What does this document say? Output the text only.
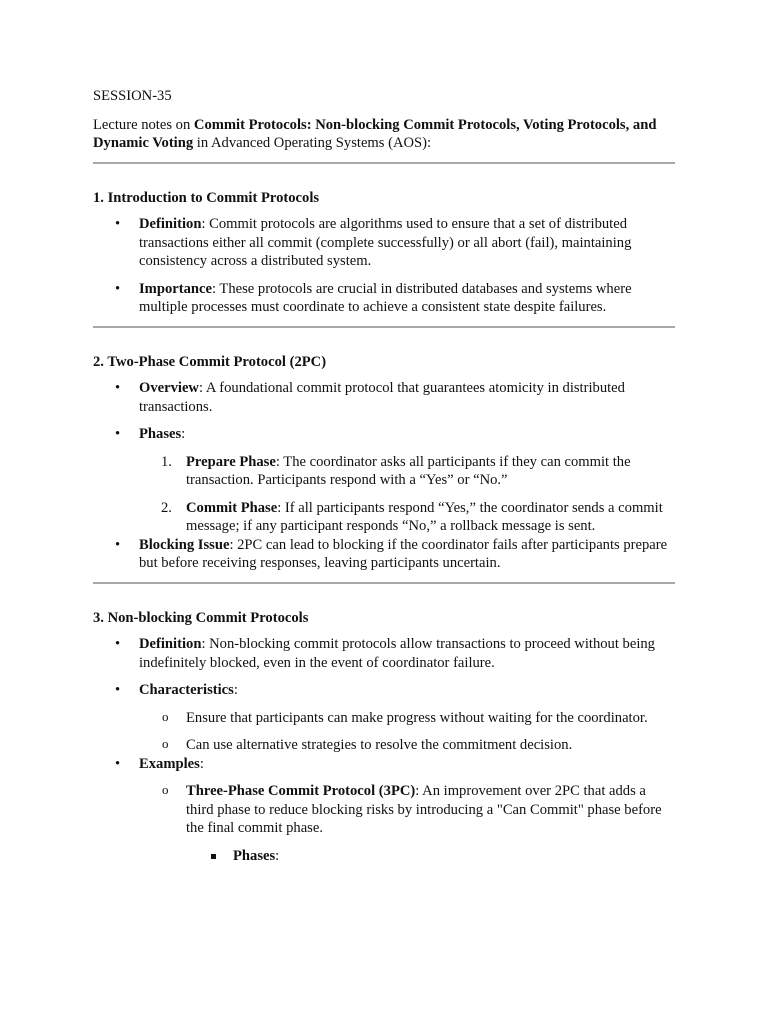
SESSION-35

Lecture notes on Commit Protocols: Non-blocking Commit Protocols, Voting Protocols, and Dynamic Voting in Advanced Operating Systems (AOS):

1. Introduction to Commit Protocols
• Definition: Commit protocols are algorithms used to ensure that a set of distributed transactions either all commit (complete successfully) or all abort (fail), maintaining consistency across a distributed system.
• Importance: These protocols are crucial in distributed databases and systems where multiple processes must coordinate to achieve a consistent state despite failures.
2. Two-Phase Commit Protocol (2PC)
• Overview: A foundational commit protocol that guarantees atomicity in distributed transactions.
• Phases:
1. Prepare Phase: The coordinator asks all participants if they can commit the transaction. Participants respond with a “Yes” or “No.”
2. Commit Phase: If all participants respond “Yes,” the coordinator sends a commit message; if any participant responds “No,” a rollback message is sent.
• Blocking Issue: 2PC can lead to blocking if the coordinator fails after participants prepare but before receiving responses, leaving participants uncertain.
3. Non-blocking Commit Protocols
• Definition: Non-blocking commit protocols allow transactions to proceed without being indefinitely blocked, even in the event of coordinator failure.
• Characteristics:
o Ensure that participants can make progress without waiting for the coordinator.
o Can use alternative strategies to resolve the commitment decision.
• Examples:
o Three-Phase Commit Protocol (3PC): An improvement over 2PC that adds a third phase to reduce blocking risks by introducing a "Can Commit" phase before the final commit phase.
Phases:
